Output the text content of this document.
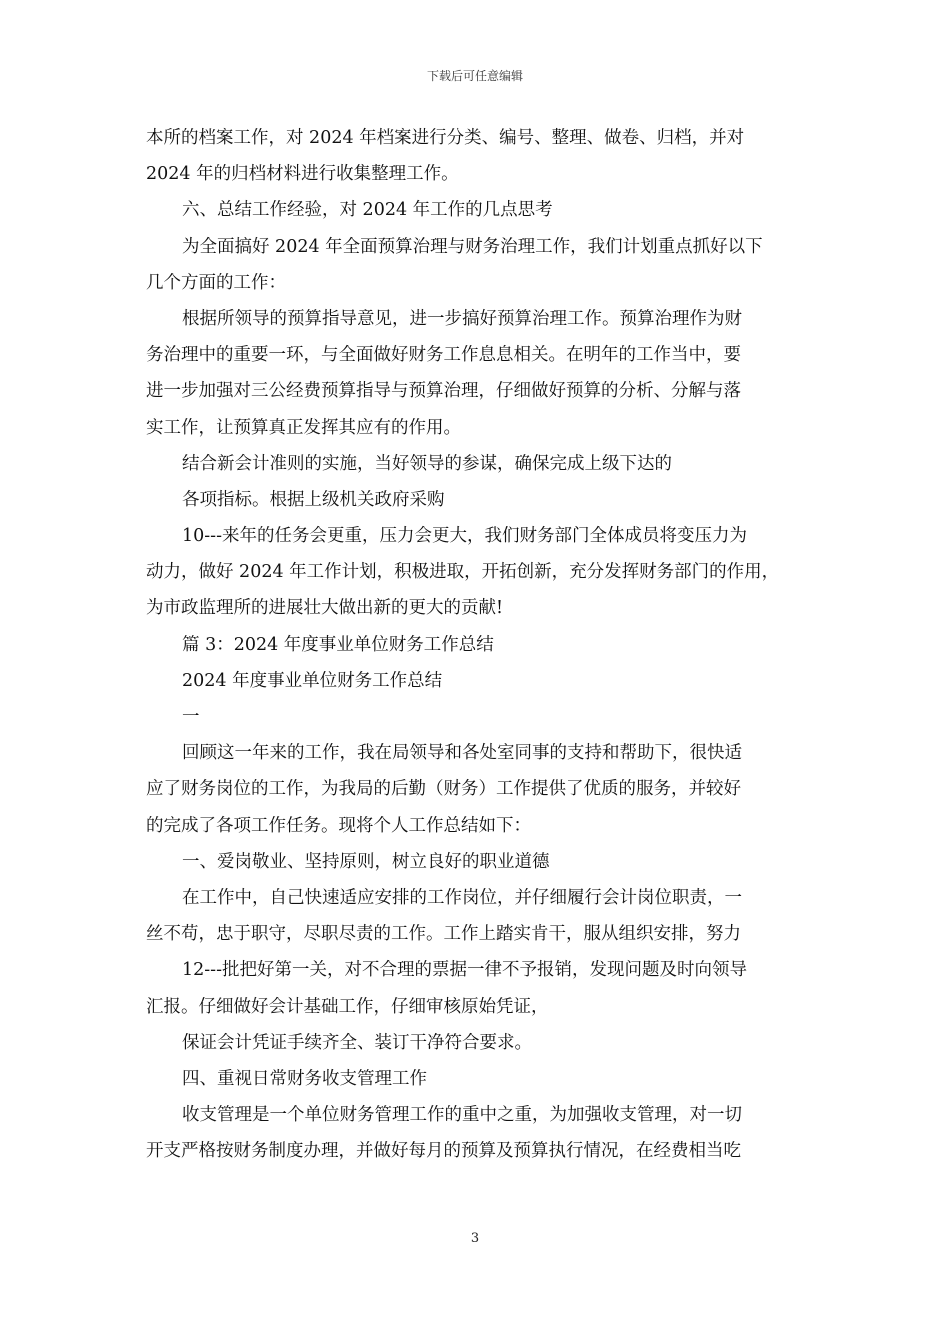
下载后可任意编辑
本所的档案工作，对 2024 年档案进行分类、编号、整理、做卷、归档，并对
2024 年的归档材料进行收集整理工作。
六、总结工作经验，对 2024 年工作的几点思考
为全面搞好 2024 年全面预算治理与财务治理工作，我们计划重点抓好以下
几个方面的工作：
根据所领导的预算指导意见，进一步搞好预算治理工作。预算治理作为财
务治理中的重要一环，与全面做好财务工作息息相关。在明年的工作当中，要
进一步加强对三公经费预算指导与预算治理，仔细做好预算的分析、分解与落
实工作，让预算真正发挥其应有的作用。
结合新会计准则的实施，当好领导的参谋，确保完成上级下达的
各项指标。根据上级机关政府采购
10---来年的任务会更重，压力会更大，我们财务部门全体成员将变压力为
动力，做好 2024 年工作计划，积极进取，开拓创新，充分发挥财务部门的作用，
为市政监理所的进展壮大做出新的更大的贡献!
篇 3：2024 年度事业单位财务工作总结
2024 年度事业单位财务工作总结
一
回顾这一年来的工作，我在局领导和各处室同事的支持和帮助下，很快适
应了财务岗位的工作，为我局的后勤（财务）工作提供了优质的服务，并较好
的完成了各项工作任务。现将个人工作总结如下：
一、爱岗敬业、坚持原则，树立良好的职业道德
在工作中，自己快速适应安排的工作岗位，并仔细履行会计岗位职责，一
丝不苟，忠于职守，尽职尽责的工作。工作上踏实肯干，服从组织安排，努力
12---批把好第一关，对不合理的票据一律不予报销，发现问题及时向领导
汇报。仔细做好会计基础工作，仔细审核原始凭证，
保证会计凭证手续齐全、装订干净符合要求。
四、重视日常财务收支管理工作
收支管理是一个单位财务管理工作的重中之重，为加强收支管理，对一切
开支严格按财务制度办理，并做好每月的预算及预算执行情况，在经费相当吃
3
